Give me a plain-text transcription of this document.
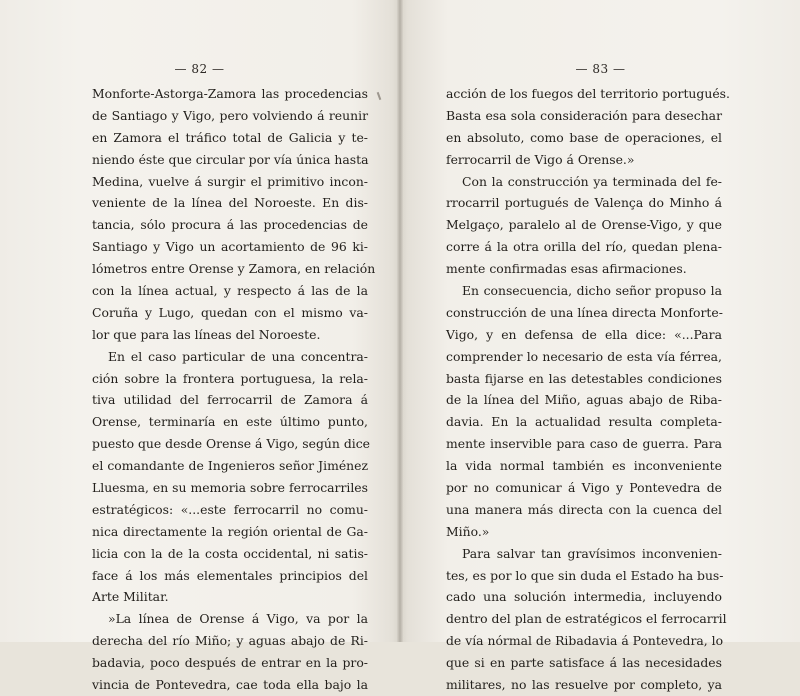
— 82 —
Monforte-Astorga-Zamora las procedencias
de Santiago y Vigo, pero volviendo á reunir
en Zamora el tráfico total de Galicia y te-
niendo éste que circular por vía única hasta
Medina, vuelve á surgir el primitivo incon-
veniente de la línea del Noroeste. En dis-
tancia, sólo procura á las procedencias de
Santiago y Vigo un acortamiento de 96 ki-
lómetros entre Orense y Zamora, en relación
con la línea actual, y respecto á las de la
Coruña y Lugo, quedan con el mismo va-
lor que para las líneas del Noroeste.
En el caso particular de una concentra-
ción sobre la frontera portuguesa, la rela-
tiva utilidad del ferrocarril de Zamora á
Orense, terminaría en este último punto,
puesto que desde Orense á Vigo, según dice
el comandante de Ingenieros señor Jiménez
Lluesma, en su memoria sobre ferrocarriles
estratégicos: «...este ferrocarril no comu-
nica directamente la región oriental de Ga-
licia con la de la costa occidental, ni satis-
face á los más elementales principios del
Arte Militar.
»La línea de Orense á Vigo, va por la
derecha del río Miño; y aguas abajo de Ri-
badavia, poco después de entrar en la pro-
vincia de Pontevedra, cae toda ella bajo la
— 83 —
acción de los fuegos del territorio portugués.
Basta esa sola consideración para desechar
en absoluto, como base de operaciones, el
ferrocarril de Vigo á Orense.»
Con la construcción ya terminada del fe-
rrocarril portugués de Valença do Minho á
Melgaço, paralelo al de Orense-Vigo, y que
corre á la otra orilla del río, quedan plena-
mente confirmadas esas afirmaciones.
En consecuencia, dicho señor propuso la
construcción de una línea directa Monforte-
Vigo, y en defensa de ella dice: «...Para
comprender lo necesario de esta vía férrea,
basta fijarse en las detestables condiciones
de la línea del Miño, aguas abajo de Riba-
davia. En la actualidad resulta completa-
mente inservible para caso de guerra. Para
la vida normal también es inconveniente
por no comunicar á Vigo y Pontevedra de
una manera más directa con la cuenca del
Miño.»
Para salvar tan gravísimos inconvenien-
tes, es por lo que sin duda el Estado ha bus-
cado una solución intermedia, incluyendo
dentro del plan de estratégicos el ferrocarril
de vía nórmal de Ribadavia á Pontevedra, lo
que si en parte satisface á las necesidades
militares, no las resuelve por completo, ya
